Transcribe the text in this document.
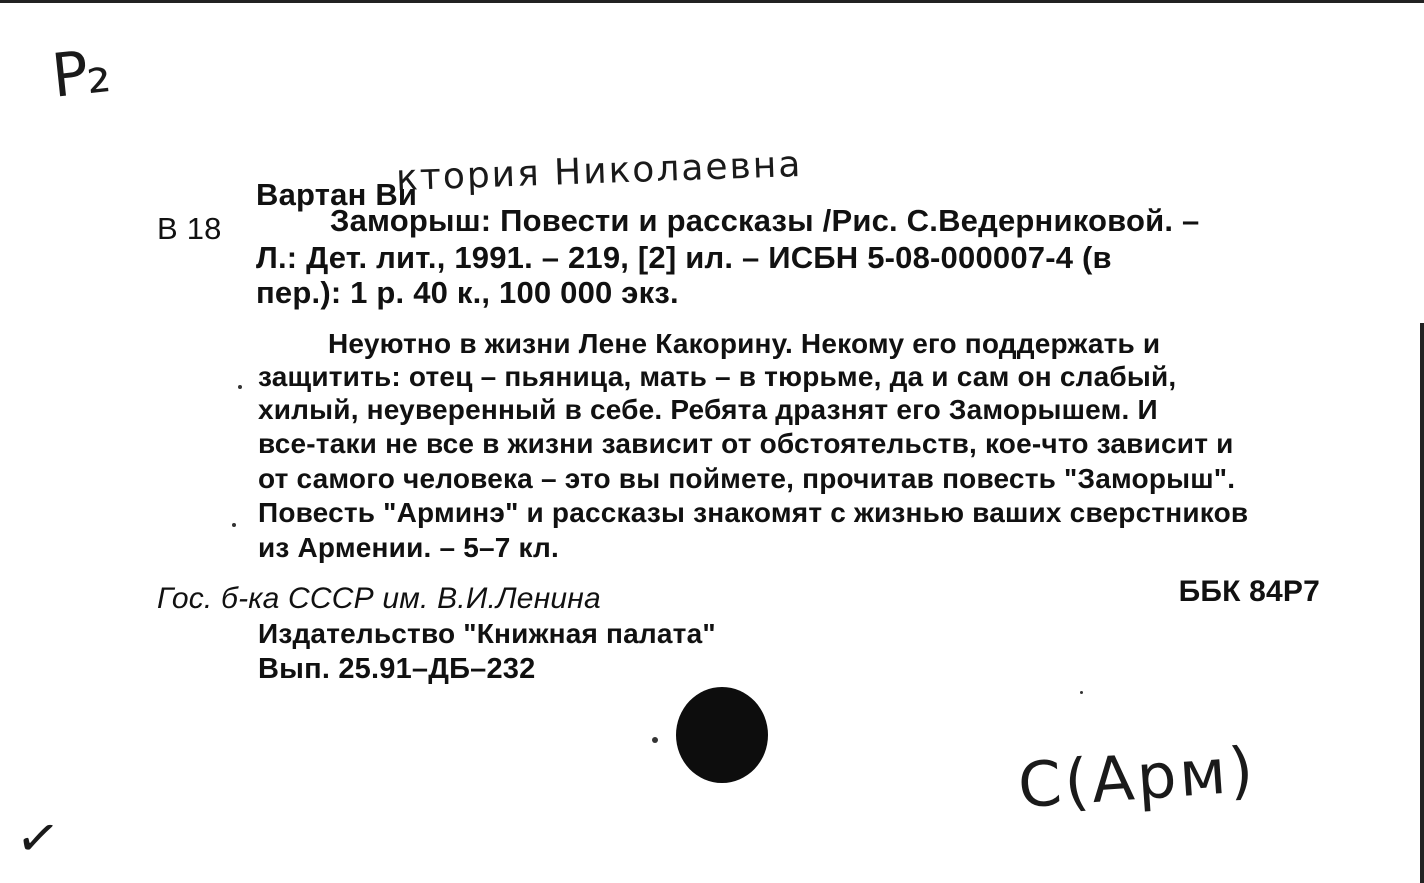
P₂
Вартан Ви
ктория Николаевна
В 18	Заморыш: Повести и рассказы /Рис. С.Ведерниковой. –
Л.: Дет. лит., 1991. – 219, [2] ил. – ИСБН 5-08-000007-4 (в
пер.): 1 р. 40 к., 100 000 экз.
Неуютно в жизни Лене Какорину. Некому его поддержать и
защитить: отец – пьяница, мать – в тюрьме, да и сам он слабый,
хилый, неуверенный в себе. Ребята дразнят его Заморышем. И
все-таки не все в жизни зависит от обстоятельств, кое-что зависит и
от самого человека – это вы поймете, прочитав повесть "Заморыш".
Повесть "Арминэ" и рассказы знакомят с жизнью ваших сверстников
из Армении. – 5–7 кл.
Гос. б-ка СССР им. В.И.Ленина	ББК 84Р7
Издательство "Книжная палата"
Вып. 25.91–ДБ–232
С(Арм)
✓
